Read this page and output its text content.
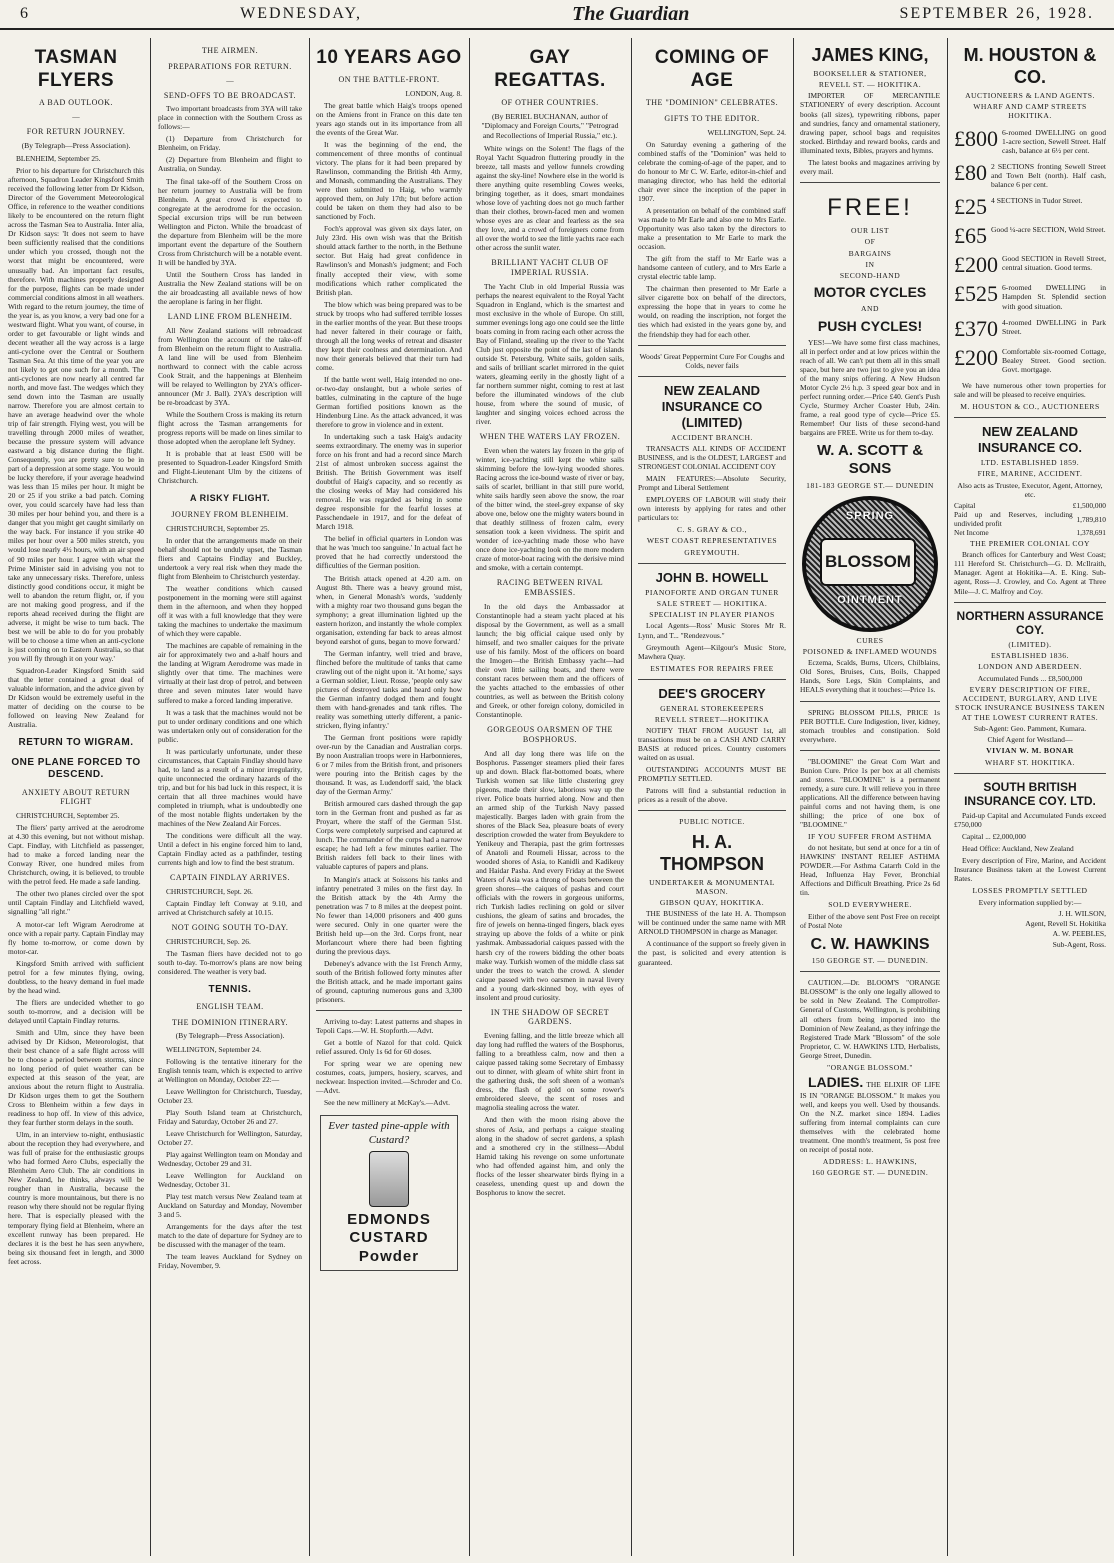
6	WEDNESDAY,	The Guardian	SEPTEMBER 26, 1928.
TASMAN FLYERS
A BAD OUTLOOK.
—
FOR RETURN JOURNEY.
(By Telegraph—Press Association).

BLENHEIM, September 25.

Prior to his departure for Christchurch this afternoon, Squadron Leader Kingsford Smith received the following letter from Dr Kidson, Director of the Government Meteorological Office, in reference to the weather conditions likely to be encountered on the return flight across the Tasman Sea to Australia. Inter alia, Dr Kidson says: 'It does not seem to have been sufficiently realised that the conditions under which you crossed, though not the worst that might be encountered, were unusually bad. An important fact results, therefore. With machines properly designed for the purpose, flights can be made under commercial conditions almost in all weathers. With regard to the return journey, the time of the year is, as you know, a very bad one for a westward flight. What you want, of course, in order to get favourable or light winds and decent weather all the way across is a large anti-cyclone over the Central or Southern Tasman Sea. At this time of the year you are not likely to get one such for a month. The anti-cyclones are now nearly all centred far north, and move fast. The wedges which they send down into the Tasman are usually narrow. Therefore you are almost certain to have an average headwind over the whole trip of fair strength. Flying west, you will be travelling through 2000 miles of weather, because the pressure system will advance eastward a big distance during the flight. Consequently, you are pretty sure to be in part of a depression at some stage. You would be lucky therefore, if your average headwind was less than 15 miles per hour. It might be 20 or 25 if you strike a bad patch. Coming over, you could scarcely have had less than 30 miles per hour behind you, and there is a danger that you might get caught similarly on the way back. For instance if you strike 40 miles per hour over a 500 miles stretch, you would lose nearly 4½ hours, with an air speed of 90 miles per hour. I agree with what the Prime Minister said in advising you not to take any unnecessary risks. Therefore, unless distinctly good conditions occur, it might be well to abandon the return flight, or, if you are not making good progress, and if the reports ahead received during the flight are adverse, it might be wise to turn back. The best we will be able to do for you probably will be to choose a time when an anti-cyclone is just coming on to Eastern Australia, so that you will fly through it on your way.'

Squadron-Leader Kingsford Smith said that the letter contained a great deal of valuable information, and the advice given by Dr Kidson would be extremely useful in the matter of deciding on the course to be followed on leaving New Zealand for Australia.

RETURN TO WIGRAM.
ONE PLANE FORCED TO DESCEND.
ANXIETY ABOUT RETURN FLIGHT

CHRISTCHURCH, September 25.

The fliers' party arrived at the aerodrome at 4.30 this evening, but not without mishap. Capt. Findlay, with Litchfield as passenger, had to make a forced landing near the Conway River, one hundred miles from Christchurch, owing, it is believed, to trouble with the petrol feed. He made a safe landing.

The other two planes circled over the spot until Captain Findlay and Litchfield waved, signalling "all right."

A motor-car left Wigram Aerodrome at once with a repair party. Captain Findlay may fly home to-morrow, or come down by motor-car.

Kingsford Smith arrived with sufficient petrol for a few minutes flying, owing, doubtless, to the heavy demand in fuel made by the head wind.

The fliers are undecided whether to go south to-morrow, and a decision will be delayed until Captain Findlay returns.

Smith and Ulm, since they have been advised by Dr Kidson, Meteorologist, that their best chance of a safe flight across will be to choose a period between storms, since no long period of quiet weather can be expected at this season of the year, are anxious about the return flight to Australia. Dr Kidson urges them to get the Southern Cross to Blenheim within a few days in readiness to hop off. In view of this advice, they fear further storm delays in the south.

Ulm, in an interview to-night, enthusiastic about the reception they had everywhere, and was full of praise for the enthusiastic groups who had formed Aero Clubs, especially the Blenheim Aero Club. The air conditions in New Zealand, he thinks, always will be rougher than in Australia, because the country is more mountainous, but there is no reason why there should not be regular flying here. That is especially pleased with the temporary flying field at Blenheim, where an excellent runway has been prepared. He declares it is the best he has seen anywhere, being six thousand feet in length, and 3000 feet across.

THE AIRMEN.
PREPARATIONS FOR RETURN.
—
SEND-OFFS TO BE BROADCAST.

Two important broadcasts from 3YA will take place in connection with the Southern Cross as follows:—

(1) Departure from Christchurch for Blenheim, on Friday.

(2) Departure from Blenheim and flight to Australia, on Sunday.

The final take-off of the Southern Cross on her return journey to Australia will be from Blenheim. A great crowd is expected to congregate at the aerodrome for the occasion. Special excursion trips will be run between Wellington and Picton. While the broadcast of the departure from Blenheim will be the more important event the departure of the Southern Cross from Christchurch will be a notable event. It will be handled by 3YA.

Until the Southern Cross has landed in Australia the New Zealand stations will be on the air broadcasting all available news of how the aeroplane is faring in her flight.

LAND LINE FROM BLENHEIM.

All New Zealand stations will rebroadcast from Wellington the account of the take-off from Blenheim on the return flight to Australia. A land line will be used from Blenheim northward to connect with the cable across Cook Strait, and the happenings at Blenheim will be relayed to Wellington by 2YA's officer-announcer (Mr J. Ball). 2YA's description will be re-broadcast by 3YA.

While the Southern Cross is making its return flight across the Tasman arrangements for progress reports will be made on lines similar to those adopted when the aeroplane left Sydney.

It is probable that at least £500 will be presented to Squadron-Leader Kingsford Smith and Flight-Lieutenant Ulm by the citizens of Christchurch.

A RISKY FLIGHT.
JOURNEY FROM BLENHEIM.

CHRISTCHURCH, September 25.

In order that the arrangements made on their behalf should not be unduly upset, the Tasman fliers and Captains Findlay and Buckley, undertook a very real risk when they made the flight from Blenheim to Christchurch yesterday.

The weather conditions which caused postponement in the morning were still against them in the afternoon, and when they hopped off it was with a full knowledge that they were taking the machines to undertake the maximum of which they were capable.

The machines are capable of remaining in the air for approximately two and a-half hours and the landing at Wigram Aerodrome was made in slightly over that time. The machines were virtually at their last drop of petrol, and between three and seven minutes later would have suffered to make a forced landing imperative.

It was a task that the machines would not be put to under ordinary conditions and one which was undertaken only out of consideration for the public.

It was particularly unfortunate, under these circumstances, that Captain Findlay should have had, to land as a result of a minor irregularity, quite unconnected the ordinary hazards of the trip, and but for his bad luck in this respect, it is certain that all three machines would have completed in triumph, what is undoubtedly one of the most notable flights undertaken by the machines of the New Zealand Air Forces.

The conditions were difficult all the way. Until a defect in his engine forced him to land, Captain Findlay acted as a pathfinder, testing currents high and low to find the best stratum.

CAPTAIN FINDLAY ARRIVES.

CHRISTCHURCH, Sept. 26.

Captain Findlay left Conway at 9.10, and arrived at Christchurch safely at 10.15.

NOT GOING SOUTH TO-DAY.

CHRISTCHURCH, Sep. 26.

The Tasman fliers have decided not to go south to-day. To-morrow's plans are now being considered. The weather is very bad.

TENNIS.
ENGLISH TEAM.
THE DOMINION ITINERARY.
(By Telegraph—Press Association).

WELLINGTON, September 24.

Following is the tentative itinerary for the English tennis team, which is expected to arrive at Wellington on Monday, October 22:—

Leave Wellington for Christchurch, Tuesday, October 23.

Play South Island team at Christchurch, Friday and Saturday, October 26 and 27.

Leave Christchurch for Wellington, Saturday, October 27.

Play against Wellington team on Monday and Wednesday, October 29 and 31.

Leave Wellington for Auckland on Wednesday, October 31.

Play test match versus New Zealand team at Auckland on Saturday and Monday, November 3 and 5.

Arrangements for the days after the test match to the date of departure for Sydney are to be discussed with the manager of the team.

The team leaves Auckland for Sydney on Friday, November, 9.

10 YEARS AGO
ON THE BATTLE-FRONT.

LONDON, Aug. 8.

The great battle which Haig's troops opened on the Amiens front in France on this date ten years ago stands out in its importance from all the events of the Great War.

It was the beginning of the end, the commencement of three months of continual victory. The plans for it had been prepared by Rawlinson, commanding the British 4th Army, and Monash, commanding the Australians. They were then submitted to Haig, who warmly approved them, on July 17th; but before action could be taken on them they had also to be sanctioned by Foch.

Foch's approval was given six days later, on July 23rd. His own wish was that the British should attack farther to the north, in the Bethune sector. But Haig had great confidence in Rawlinson's and Monash's judgment; and Foch finally accepted their view, with some modifications which rather complicated the British plan.

The blow which was being prepared was to be struck by troops who had suffered terrible losses in the earlier months of the year. But these troops had never faltered in their courage or faith, through all the long weeks of retreat and disaster they kept their coolness and determination. And now their generals believed that their turn had come.

If the battle went well, Haig intended no one-or-two-day onslaught, but a whole series of battles, culminating in the capture of the huge German fortified positions known as the Hindenburg Line. As the attack advanced, it was therefore to grow in violence and in extent.

In undertaking such a task Haig's audacity seems extraordinary. The enemy was in superior force on his front and had a record since March 21st of almost unbroken success against the British. The British Government was itself doubtful of Haig's capacity, and so recently as the closing weeks of May had considered his removal. He was regarded as being in some degree responsible for the fearful losses at Passchendaele in 1917, and for the defeat of March 1918.

The belief in official quarters in London was that he was 'much too sanguine.' In actual fact he proved that he had correctly understood the difficulties of the German position.

The British attack opened at 4.20 a.m. on August 8th. There was a heavy ground mist, when, in General Monash's words, 'suddenly with a mighty roar two thousand guns began the symphony; a great illumination lighted up the eastern horizon, and instantly the whole complex organisation, extending far back to areas almost beyond earshot of guns, began to move forward.'

The German infantry, well tried and brave, flinched before the multitude of tanks that came crawling out of the night upon it. 'At home,' says a German soldier, Lieut. Rosse, 'people only saw pictures of destroyed tanks and heard only how the German infantry dodged them and fought them with hand-grenades and tank rifles. The reality was something utterly different, a panic-stricken, flying infantry.'

The German front positions were rapidly over-run by the Canadian and Australian corps. By noon Australian troops were in Harbonnieres, 6 or 7 miles from the British front, and prisoners were pouring into the British cages by the thousand. It was, as Ludendorff said, 'the black day of the German Army.'

British armoured cars dashed through the gap torn in the German front and pushed as far as Proyart, where the staff of the German 51st. Corps were completely surprised and captured at lunch. The commander of the corps had a narrow escape; he had left a few minutes earlier. The British raiders fell back to their lines with valuable captures of papers and plans.

In Mangin's attack at Soissons his tanks and infantry penetrated 3 miles on the first day. In the British attack by the 4th Army the penetration was 7 to 8 miles at the deepest point. No fewer than 14,000 prisoners and 400 guns were secured. Only in one quarter were the British held up—on the 3rd. Corps front, near Morlancourt where there had been fighting during the previous days.

Debeney's advance with the 1st French Army, south of the British followed forty minutes after the British attack, and he made important gains of ground, capturing numerous guns and 3,300 prisoners.

Arriving to-day: Latest patterns and shapes in Tepoli Caps.—W. H. Stopforth.—Advt.

Get a bottle of Nazol for that cold. Quick relief assured. Only 1s 6d for 60 doses.

For spring wear we are opening new costumes, coats, jumpers, hosiery, scarves, and neckwear. Inspection invited.—Schroder and Co.—Advt.

See the new millinery at McKay's.—Advt.

Ever tasted pine-apple with Custard?
EDMONDS CUSTARD Powder
GAY REGATTAS.
OF OTHER COUNTRIES.
(By BERIEL BUCHANAN, author of "Diplomacy and Foreign Courts," "Petrograd and Recollections of Imperial Russia," etc.).

White wings on the Solent! The flags of the Royal Yacht Squadron fluttering proudly in the breeze, tall masts and yellow funnels crowding against the sky-line! Nowhere else in the world is there anything quite resembling Cowes weeks, bringing together, as it does, smart mondaines whose love of yachting does not go much farther than their clothes, brown-faced men and women whose eyes are as clear and fearless as the sea they love, and a crowd of foreigners come from all over the world to see the little yachts race each other across the sunlit water.

BRILLIANT YACHT CLUB OF IMPERIAL RUSSIA.

The Yacht Club in old Imperial Russia was perhaps the nearest equivalent to the Royal Yacht Squadron in England, which is the smartest and most exclusive in the whole of Europe. On still, summer evenings long ago one could see the little boats coming in from racing each other across the Bay of Finland, stealing up the river to the Yacht Club just opposite the point of the last of islands outside St. Petersburg. White sails, golden sails, and sails of brilliant scarlet mirrored in the quiet waters, gleaming eerily in the ghostly light of a far northern summer night, coming to rest at last before the illuminated windows of the club house, from where the sound of music, of laughter and singing voices echoed across the river.

WHEN THE WATERS LAY FROZEN.

Even when the waters lay frozen in the grip of winter, ice-yachting still kept the white sails skimming before the low-lying wooded shores. Racing across the ice-bound waste of river or bay, sails of scarlet, brilliant in that still pure world, white sails hardly seen above the snow, the roar of the bitter wind, the steel-grey expanse of sky above one, below one the mighty waters bound in that deathly stillness of frozen calm, every sensation took a keen vividness. The spirit and wonder of ice-yachting made those who have once done ice-yachting look on the more modern craze of motor-boat racing with the derisive mind and smoke, with a certain contempt.

RACING BETWEEN RIVAL EMBASSIES.

In the old days the Ambassador at Constantinople had a steam yacht placed at his disposal by the Government, as well as a small launch; the big official caique used only by himself, and two smaller caiques for the private use of his family. Most of the officers on board the Imogen—the British Embassy yacht—had their own little sailing boats, and there were constant races between them and the officers of the yachts attached to the embassies of other countries, as well as between the British colony and Greek, or other foreign colony, domiciled in Constantinople.

GORGEOUS OARSMEN OF THE BOSPHORUS.

And all day long there was life on the Bosphorus. Passenger steamers plied their fares up and down. Black flat-bottomed boats, where Turkish women sat like little clustering grey pigeons, made their slow, laborious way up the river. Police boats hurried along. Now and then an armed ship of the Turkish Navy passed majestically. Barges laden with grain from the shores of the Black Sea, pleasure boats of every description crowded the water from Beyukdere to Yenikeuy and Therapia, past the grim fortresses of Anatoli and Roumeli Hissar, across to the wooded shores of Asia, to Kanidli and Kadikeuy and Haidar Pasha. And every Friday at the Sweet Waters of Asia was a throng of boats between the green shores—the caiques of pashas and court officials with the rowers in gorgeous uniforms, rich Turkish ladies reclining on gold or silver cushions, the gleam of satins and brocades, the fire of jewels on henna-tinged fingers, black eyes straying up above the folds of a white or pink yashmak. Ambassadorial caiques passed with the harsh cry of the rowers bidding the other boats make way. Turkish women of the middle class sat under the trees to watch the crowd. A slender caique passed with two oarsmen in naval livery and a young dark-skinned boy, with eyes of insolent and proud curiosity.

IN THE SHADOW OF SECRET GARDENS.

Evening falling, and the little breeze which all day long had ruffled the waters of the Bosphorus, falling to a breathless calm, now and then a caique passed taking some Secretary of Embassy out to dinner, with gleam of white shirt front in the gathering dusk, the soft sheen of a woman's dress, the flash of gold on some rower's embroidered sleeve, the scent of roses and magnolia stealing across the water.

And then with the moon rising above the shores of Asia, and perhaps a caique stealing along in the shadow of secret gardens, a splash and a smothered cry in the stillness—Abdul Hamid taking his revenge on some unfortunate who had offended against him, and only the flocks of the lesser shearwater birds flying in a ceaseless, unending quest up and down the Bosphorus to know the secret.

COMING OF AGE
THE "DOMINION" CELEBRATES.
GIFTS TO THE EDITOR.

WELLINGTON, Sept. 24.

On Saturday evening a gathering of the combined staffs of the "Dominion" was held to celebrate the coming-of-age of the paper, and to do honour to Mr C. W. Earle, editor-in-chief and managing director, who has held the editorial chair ever since the inception of the paper in 1907.

A presentation on behalf of the combined staff was made to Mr Earle and also one to Mrs Earle. Opportunity was also taken by the directors to make a presentation to Mr Earle to mark the occasion.

The gift from the staff to Mr Earle was a handsome canteen of cutlery, and to Mrs Earle a crystal electric table lamp.

The chairman then presented to Mr Earle a silver cigarette box on behalf of the directors, expressing the hope that in years to come he would, on reading the inscription, not forget the ties which had existed in the years gone by, and the friendship they had for each other.

Woods' Great Peppermint Cure For Coughs and Colds, never fails
NEW ZEALAND INSURANCE CO (LIMITED)
ACCIDENT BRANCH.

TRANSACTS ALL KINDS OF ACCIDENT BUSINESS, and is the OLDEST, LARGEST and STRONGEST COLONIAL ACCIDENT COY

MAIN FEATURES:—Absolute Security, Prompt and Liberal Settlement

EMPLOYERS OF LABOUR will study their own interests by applying for rates and other particulars to:

C. S. GRAY & CO.,
WEST COAST REPRESENTATIVES
GREYMOUTH.
JOHN B. HOWELL
PIANOFORTE AND ORGAN TUNER
SALE STREET — HOKITIKA.
SPECIALIST IN PLAYER PIANOS

Local Agents—Ross' Music Stores Mr R. Lynn, and T... "Rendezvous."

Greymouth Agent—Kilgour's Music Store, Mawhera Quay.

ESTIMATES FOR REPAIRS FREE
DEE'S GROCERY
GENERAL STOREKEEPERS
REVELL STREET—HOKITIKA

NOTIFY THAT FROM AUGUST 1st, all transactions must be on a CASH AND CARRY BASIS at reduced prices. Country customers waited on as usual.

OUTSTANDING ACCOUNTS MUST BE PROMPTLY SETTLED.

Patrons will find a substantial reduction in prices as a result of the above.

PUBLIC NOTICE.
H. A. THOMPSON
UNDERTAKER & MONUMENTAL MASON.
GIBSON QUAY, HOKITIKA.

THE BUSINESS of the late H. A. Thompson will be continued under the same name with MR ARNOLD THOMPSON in charge as Manager.

A continuance of the support so freely given in the past, is solicited and every attention is guaranteed.

JAMES KING,
BOOKSELLER & STATIONER,
REVELL ST. — HOKITIKA.

IMPORTER OF MERCANTILE STATIONERY of every description. Account books (all sizes), typewriting ribbons, paper and sundries, fancy and ornamental stationery, drawing paper, school bags and requisites stocked. Birthday and reward books, cards and illuminated texts, Bibles, prayers and hymns.

The latest books and magazines arriving by every mail.

FREE!
OUR LIST
OF
BARGAINS
IN
SECOND-HAND
MOTOR CYCLES
AND
PUSH CYCLES!

YES!—We have some first class machines, all in perfect order and at low prices within the reach of all. We can't put them all in this small space, but here are two just to give you an idea of the many snips offering. A New Hudson Motor Cycle 2½ h.p. 3 speed gear box and in perfect running order.—Price £40. Gent's Push Cycle, Sturmey Archer Coaster Hub, 24in. frame, a real good type of cycle—Price £5. Remember! Our lists of these second-hand bargains are FREE. Write us for them to-day.

W. A. SCOTT & SONS
181-183 GEORGE ST.— DUNEDIN
SPRING
BLOSSOM
OINTMENT
CURES
POISONED & INFLAMED WOUNDS

Eczema, Scalds, Burns, Ulcers, Chilblains, Old Sores, Bruises, Cuts, Boils, Chapped Hands, Sore Legs, Skin Complaints, and HEALS everything that it touches:—Price 1s.

SPRING BLOSSOM PILLS, PRICE 1s PER BOTTLE. Cure Indigestion, liver, kidney, stomach troubles and constipation. Sold everywhere.

"BLOOMINE" the Great Corn Wart and Bunion Cure. Price 1s per box at all chemists and stores. "BLOOMINE" is a permanent remedy, a sure cure. It will relieve you in three applications. All the difference between having painful corns and not having them, is one shilling; the price of one box of "BLOOMINE."

IF YOU SUFFER FROM ASTHMA

do not hesitate, but send at once for a tin of HAWKINS' INSTANT RELIEF ASTHMA POWDER.—For Asthma Catarrh Cold in the Head, Influenza Hay Fever, Bronchial Affections and Difficult Breathing. Price 2s 6d tin.

SOLD EVERYWHERE.

Either of the above sent Post Free on receipt of Postal Note

C. W. HAWKINS
150 GEORGE ST. — DUNEDIN.

CAUTION.—Dr. BLOOM'S "ORANGE BLOSSOM" is the only one legally allowed to be sold in New Zealand. The Comptroller-General of Customs, Wellington, is prohibiting all others from being imported into the Dominion of New Zealand, as they infringe the Registered Trade Mark "Blossom" of the sole Proprietor, C. W. HAWKINS LTD, Herbalists, George Street, Dunedin.

"ORANGE BLOSSOM."

LADIES. THE ELIXIR OF LIFE IS IN "ORANGE BLOSSOM." It makes you well, and keeps you well. Used by thousands. On the N.Z. market since 1894. Ladies suffering from internal complaints can cure themselves with the celebrated home treatment. One month's treatment, 5s post free on receipt of postal note.

ADDRESS: L. HAWKINS,
160 GEORGE ST. — DUNEDIN.
M. HOUSTON & CO.
AUCTIONEERS & LAND AGENTS.
WHARF AND CAMP STREETS HOKITIKA.
£800 6-roomed DWELLING on good 1-acre section, Sewell Street. Half cash, balance at 6½ per cent.
£80 2 SECTIONS fronting Sewell Street and Town Belt (north). Half cash, balance 6 per cent.
£25 4 SECTIONS in Tudor Street.
£65 Good ¼-acre SECTION, Weld Street.
£200 Good SECTION in Revell Street, central situation. Good terms.
£525 6-roomed DWELLING in Hampden St. Splendid section with good situation.
£370 4-roomed DWELLING in Park Street.
£200 Comfortable six-roomed Cottage, Bealey Street. Good section. Govt. mortgage.

We have numerous other town properties for sale and will be pleased to receive enquiries.

M. HOUSTON & CO., AUCTIONEERS
NEW ZEALAND INSURANCE CO.
LTD. ESTABLISHED 1859.
FIRE, MARINE, ACCIDENT.
Also acts as Trustee, Executor, Agent, Attorney, etc.
Capital	£1,500,000
Paid up and Reserves, including undivided profit	1,789,810
Net Income	1,378,691
THE PREMIER COLONIAL COY

Branch offices for Canterbury and West Coast; 111 Hereford St. Christchurch—G. D. McIlraith, Manager. Agent at Hokitika—A. E. King. Sub-agent, Ross—J. Crowley, and Co. Agent at Three Mile—J. C. Malfroy and Coy.

NORTHERN ASSURANCE COY.
(LIMITED).
ESTABLISHED 1836.
LONDON AND ABERDEEN.
Accumulated Funds ... £8,500,000
EVERY DESCRIPTION OF FIRE, ACCIDENT, BURGLARY, AND LIVE STOCK INSURANCE BUSINESS TAKEN AT THE LOWEST CURRENT RATES.
Sub-Agent: Geo. Pamment, Kumara.
Chief Agent for Westland—
VIVIAN W. M. BONAR
WHARF ST. HOKITIKA.
SOUTH BRITISH INSURANCE COY. LTD.

Paid-up Capital and Accumulated Funds exceed £750,000

Capital ... £2,000,000

Head Office: Auckland, New Zealand

Every description of Fire, Marine, and Accident Insurance Business taken at the Lowest Current Rates.

LOSSES PROMPTLY SETTLED
Every information supplied by:—
J. H. WILSON,
Agent, Revell St. Hokitika
A. W. PEEBLES,
Sub-Agent, Ross.
